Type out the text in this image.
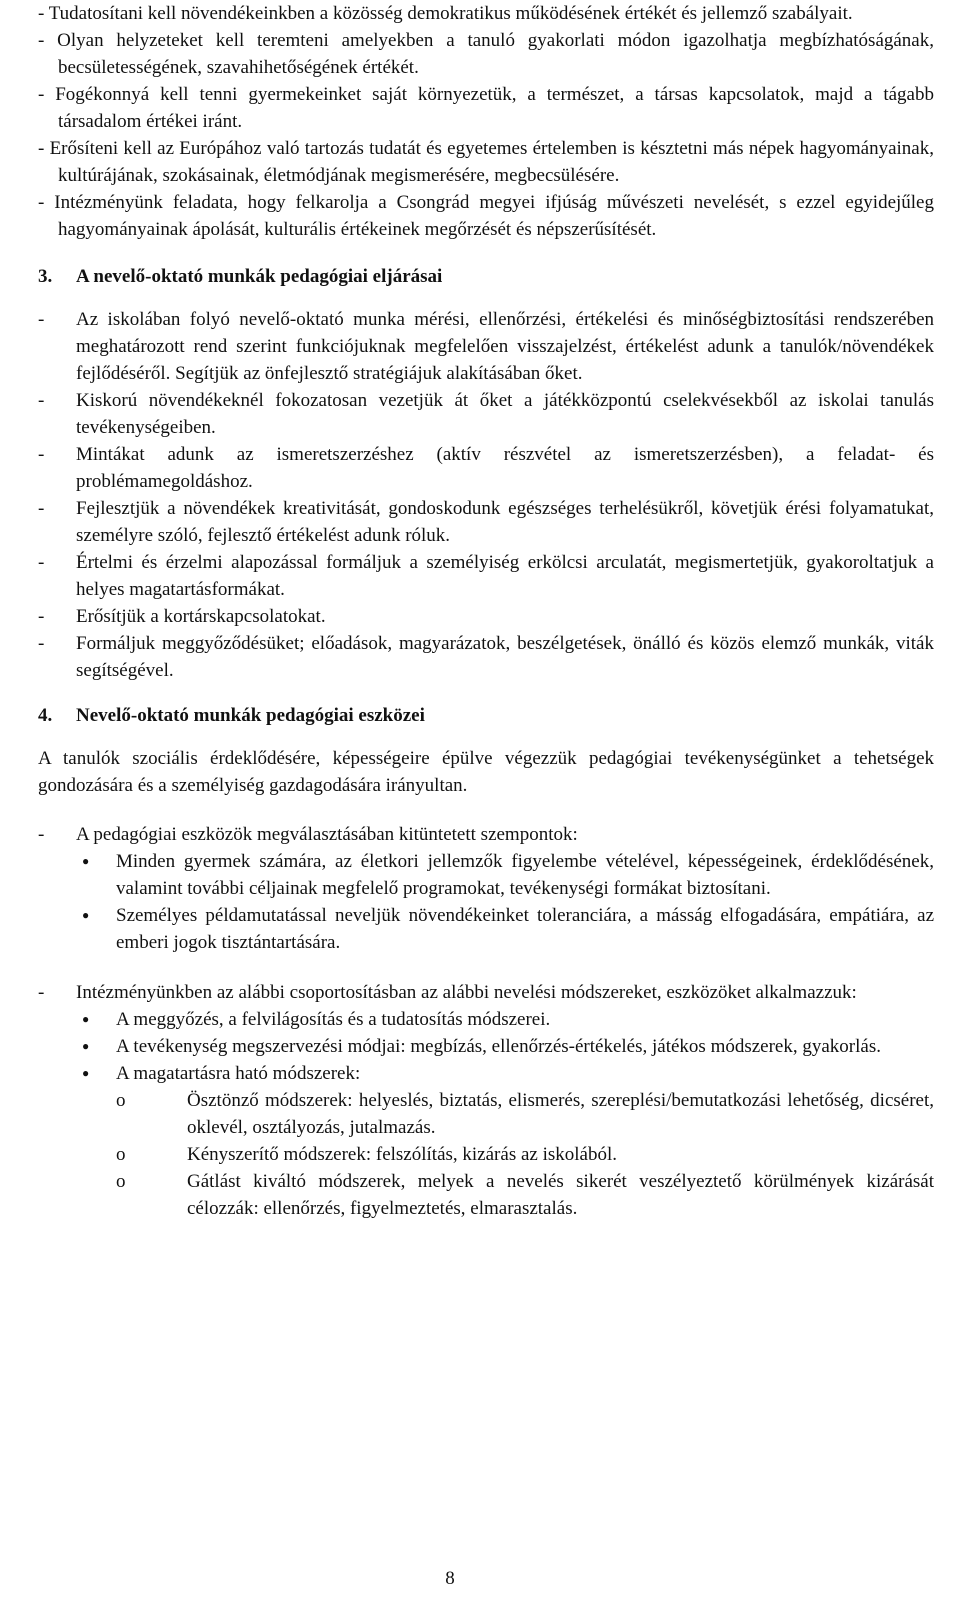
- Tudatosítani kell növendékeinkben a közösség demokratikus működésének értékét és jellemző szabályait.

- Olyan helyzeteket kell teremteni amelyekben a tanuló gyakorlati módon igazolhatja megbízhatóságának, becsületességének, szavahihetőségének értékét.

- Fogékonnyá kell tenni gyermekeinket saját környezetük, a természet, a társas kapcsolatok, majd a tágabb társadalom értékei iránt.

- Erősíteni kell az Európához való tartozás tudatát és egyetemes értelemben is késztetni más népek hagyományainak, kultúrájának, szokásainak, életmódjának megismerésére, megbecsülésére.

- Intézményünk feladata, hogy felkarolja a Csongrád megyei ifjúság művészeti nevelését, s ezzel egyidejűleg hagyományainak ápolását, kulturális értékeinek megőrzését és népszerűsítését.

3. A nevelő-oktató munkák pedagógiai eljárásai

- Az iskolában folyó nevelő-oktató munka mérési, ellenőrzési, értékelési és minőségbiztosítási rendszerében meghatározott rend szerint funkciójuknak megfelelően visszajelzést, értékelést adunk a tanulók/növendékek fejlődéséről. Segítjük az önfejlesztő stratégiájuk alakításában őket.

- Kiskorú növendékeknél fokozatosan vezetjük át őket a játékközpontú cselekvésekből az iskolai tanulás tevékenységeiben.

- Mintákat adunk az ismeretszerzéshez (aktív részvétel az ismeretszerzésben), a feladat- és problémamegoldáshoz.

- Fejlesztjük a növendékek kreativitását, gondoskodunk egészséges terhelésükről, követjük érési folyamatukat, személyre szóló, fejlesztő értékelést adunk róluk.

- Értelmi és érzelmi alapozással formáljuk a személyiség erkölcsi arculatát, megismertetjük, gyakoroltatjuk a helyes magatartásformákat.

- Erősítjük a kortárskapcsolatokat.

- Formáljuk meggyőződésüket; előadások, magyarázatok, beszélgetések, önálló és közös elemző munkák, viták segítségével.

4. Nevelő-oktató munkák pedagógiai eszközei

A tanulók szociális érdeklődésére, képességeire épülve végezzük pedagógiai tevékenységünket a tehetségek gondozására és a személyiség gazdagodására irányultan.

- A pedagógiai eszközök megválasztásában kitüntetett szempontok:

● Minden gyermek számára, az életkori jellemzők figyelembe vételével, képességeinek, érdeklődésének, valamint további céljainak megfelelő programokat, tevékenységi formákat biztosítani.
● Személyes példamutatással neveljük növendékeinket toleranciára, a másság elfogadására, empátiára, az emberi jogok tisztántartására.

- Intézményünkben az alábbi csoportosításban az alábbi nevelési módszereket, eszközöket alkalmazzuk:

● A meggyőzés, a felvilágosítás és a tudatosítás módszerei.
● A tevékenység megszervezési módjai: megbízás, ellenőrzés-értékelés, játékos módszerek, gyakorlás.
● A magatartásra ható módszerek:
o Ösztönző módszerek: helyeslés, biztatás, elismerés, szereplési/bemutatkozási lehetőség, dicséret, oklevél, osztályozás, jutalmazás.
o Kényszerítő módszerek: felszólítás, kizárás az iskolából.
o Gátlást kiváltó módszerek, melyek a nevelés sikerét veszélyeztető körülmények kizárását célozzák: ellenőrzés, figyelmeztetés, elmarasztalás.
8
